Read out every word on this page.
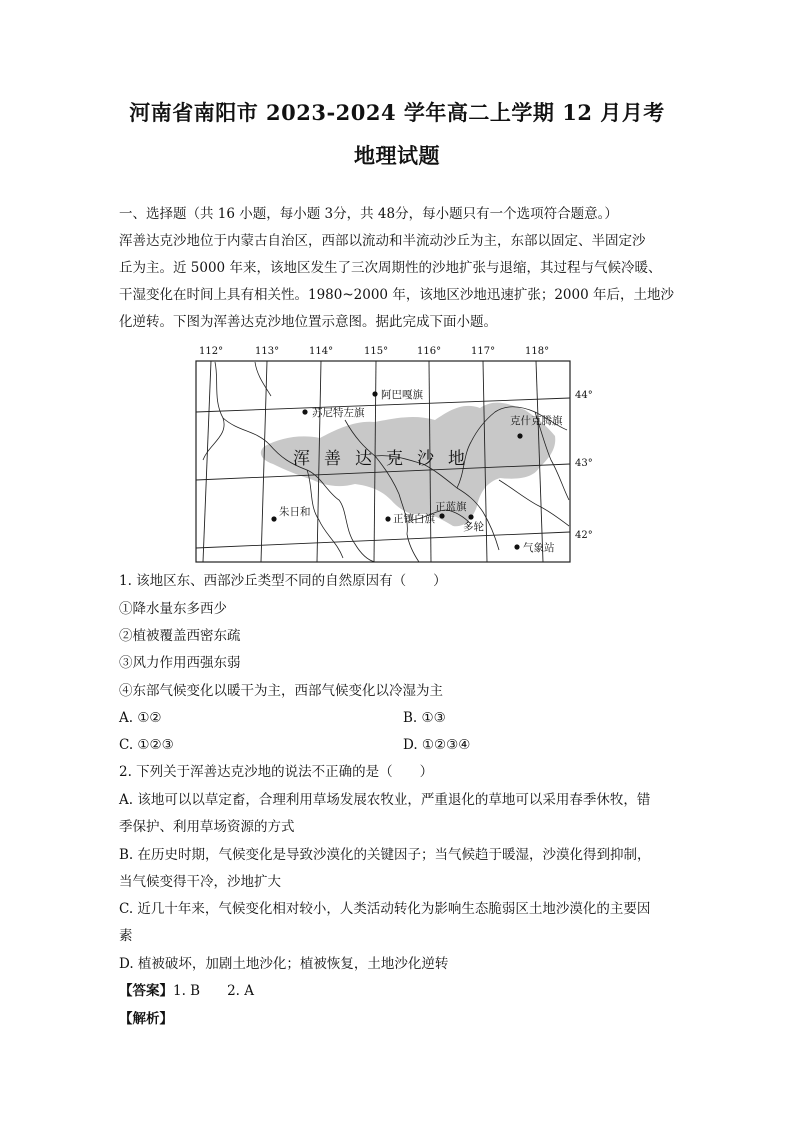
河南省南阳市 2023-2024 学年高二上学期 12 月月考
地理试题
一、选择题（共 16 小题，每小题 3分，共 48分，每小题只有一个选项符合题意。）
浑善达克沙地位于内蒙古自治区，西部以流动和半流动沙丘为主，东部以固定、半固定沙
丘为主。近 5000 年来，该地区发生了三次周期性的沙地扩张与退缩，其过程与气候冷暖、
干湿变化在时间上具有相关性。1980~2000 年，该地区沙地迅速扩张；2000 年后，土地沙
化逆转。下图为浑善达克沙地位置示意图。据此完成下面小题。
112°	113°	114°	115°	116°	117°	118°
44°
43°
42°
阿巴嘎旗
苏尼特左旗
克什克腾旗
朱日和
正镶白旗
正蓝旗
多轮
气象站
浑善达克沙地
1. 该地区东、西部沙丘类型不同的自然原因有（　　）
①降水量东多西少
②植被覆盖西密东疏
③风力作用西强东弱
④东部气候变化以暖干为主，西部气候变化以冷湿为主
A. ①②	B. ①③
C. ①②③	D. ①②③④
2. 下列关于浑善达克沙地的说法不正确的是（　　）
A. 该地可以以草定畜，合理利用草场发展农牧业，严重退化的草地可以采用春季休牧，错
季保护、利用草场资源的方式
B. 在历史时期，气候变化是导致沙漠化的关键因子；当气候趋于暖湿，沙漠化得到抑制，
当气候变得干冷，沙地扩大
C. 近几十年来，气候变化相对较小，人类活动转化为影响生态脆弱区土地沙漠化的主要因
素
D. 植被破坏，加剧土地沙化；植被恢复，土地沙化逆转
【答案】1. B　　2. A
【解析】
